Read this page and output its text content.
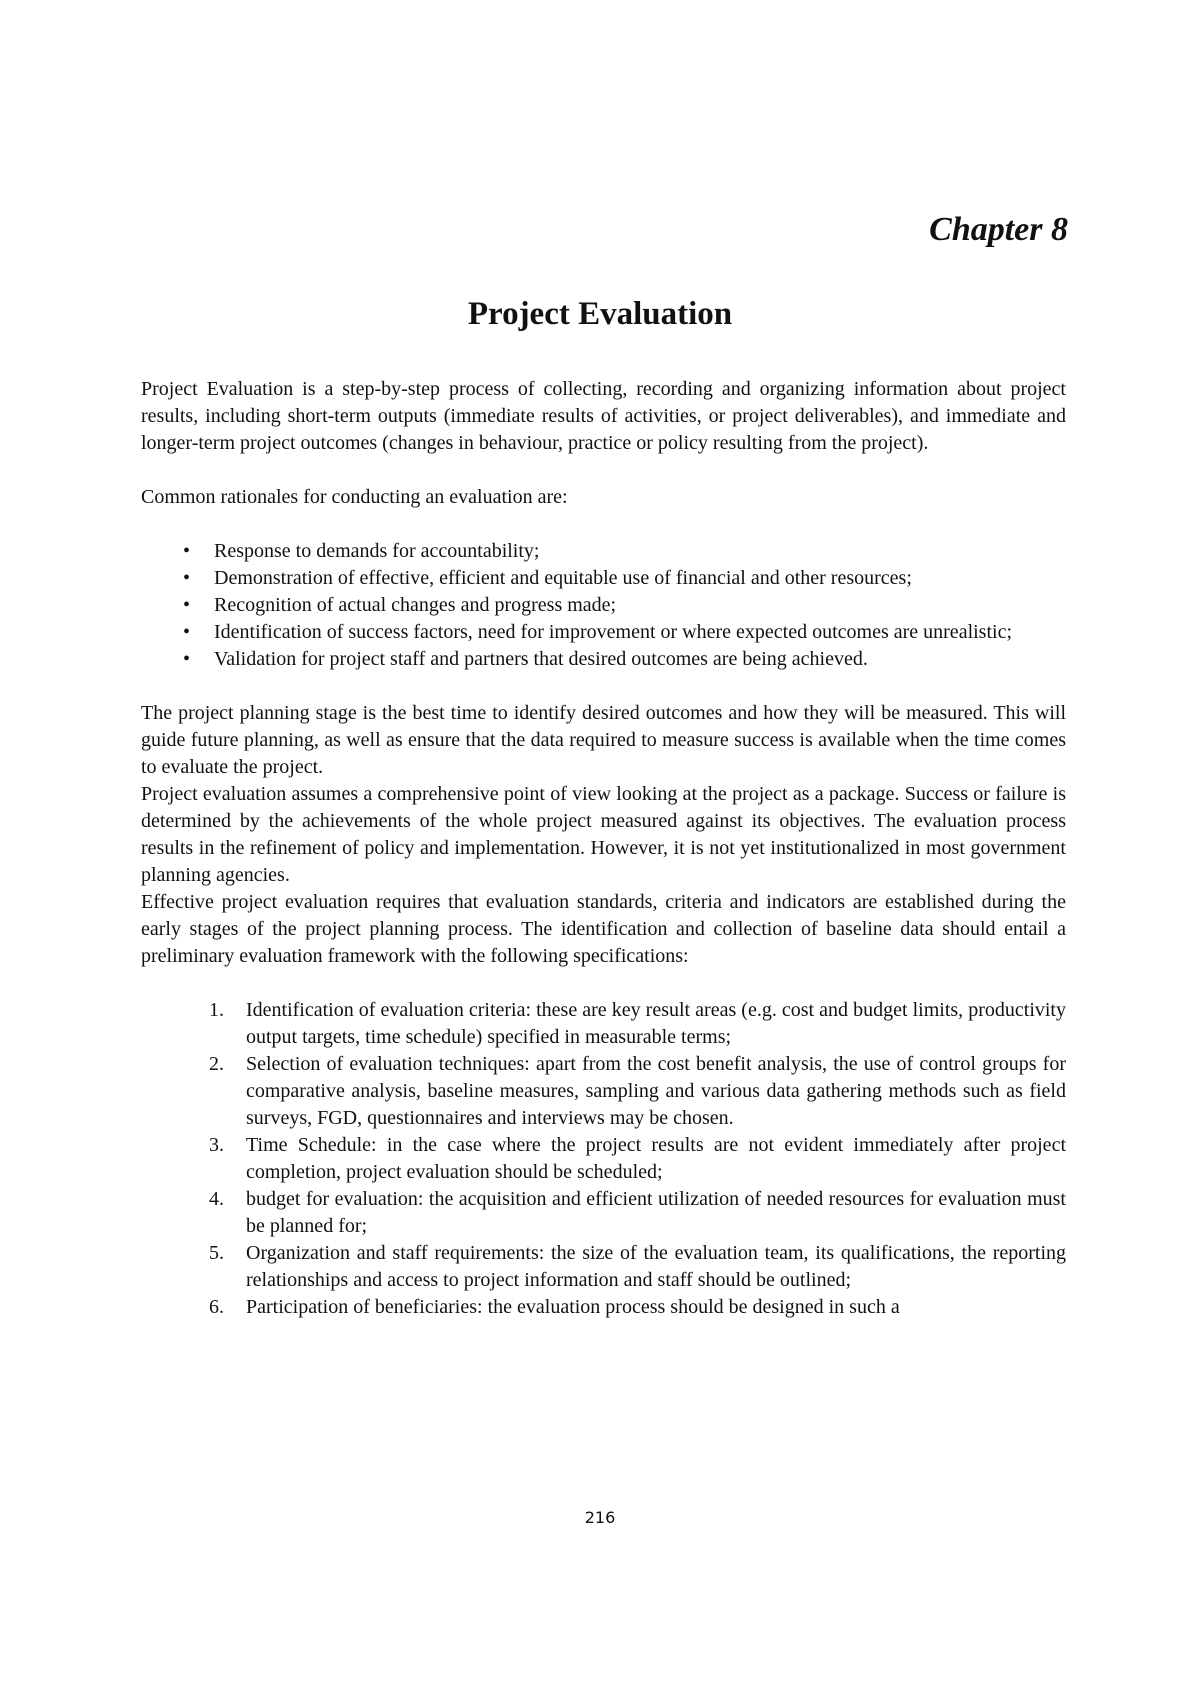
Chapter 8
Project Evaluation

Project Evaluation is a step-by-step process of collecting, recording and organizing information about project results, including short-term outputs (immediate results of activities, or project deliverables), and immediate and longer-term project outcomes (changes in behaviour, practice or policy resulting from the project).

Common rationales for conducting an evaluation are:

• Response to demands for accountability;
• Demonstration of effective, efficient and equitable use of financial and other resources;
• Recognition of actual changes and progress made;
• Identification of success factors, need for improvement or where expected outcomes are unrealistic;
• Validation for project staff and partners that desired outcomes are being achieved.

The project planning stage is the best time to identify desired outcomes and how they will be measured. This will guide future planning, as well as ensure that the data required to measure success is available when the time comes to evaluate the project.

Project evaluation assumes a comprehensive point of view looking at the project as a package. Success or failure is determined by the achievements of the whole project measured against its objectives. The evaluation process results in the refinement of policy and implementation. However, it is not yet institutionalized in most government planning agencies.

Effective project evaluation requires that evaluation standards, criteria and indicators are established during the early stages of the project planning process. The identification and collection of baseline data should entail a preliminary evaluation framework with the following specifications:

1. Identification of evaluation criteria: these are key result areas (e.g. cost and budget limits, productivity output targets, time schedule) specified in measurable terms;
2. Selection of evaluation techniques: apart from the cost benefit analysis, the use of control groups for comparative analysis, baseline measures, sampling and various data gathering methods such as field surveys, FGD, questionnaires and interviews may be chosen.
3. Time Schedule: in the case where the project results are not evident immediately after project completion, project evaluation should be scheduled;
4. budget for evaluation: the acquisition and efficient utilization of needed resources for evaluation must be planned for;
5. Organization and staff requirements: the size of the evaluation team, its qualifications, the reporting relationships and access to project information and staff should be outlined;
6. Participation of beneficiaries: the evaluation process should be designed in such a

216
